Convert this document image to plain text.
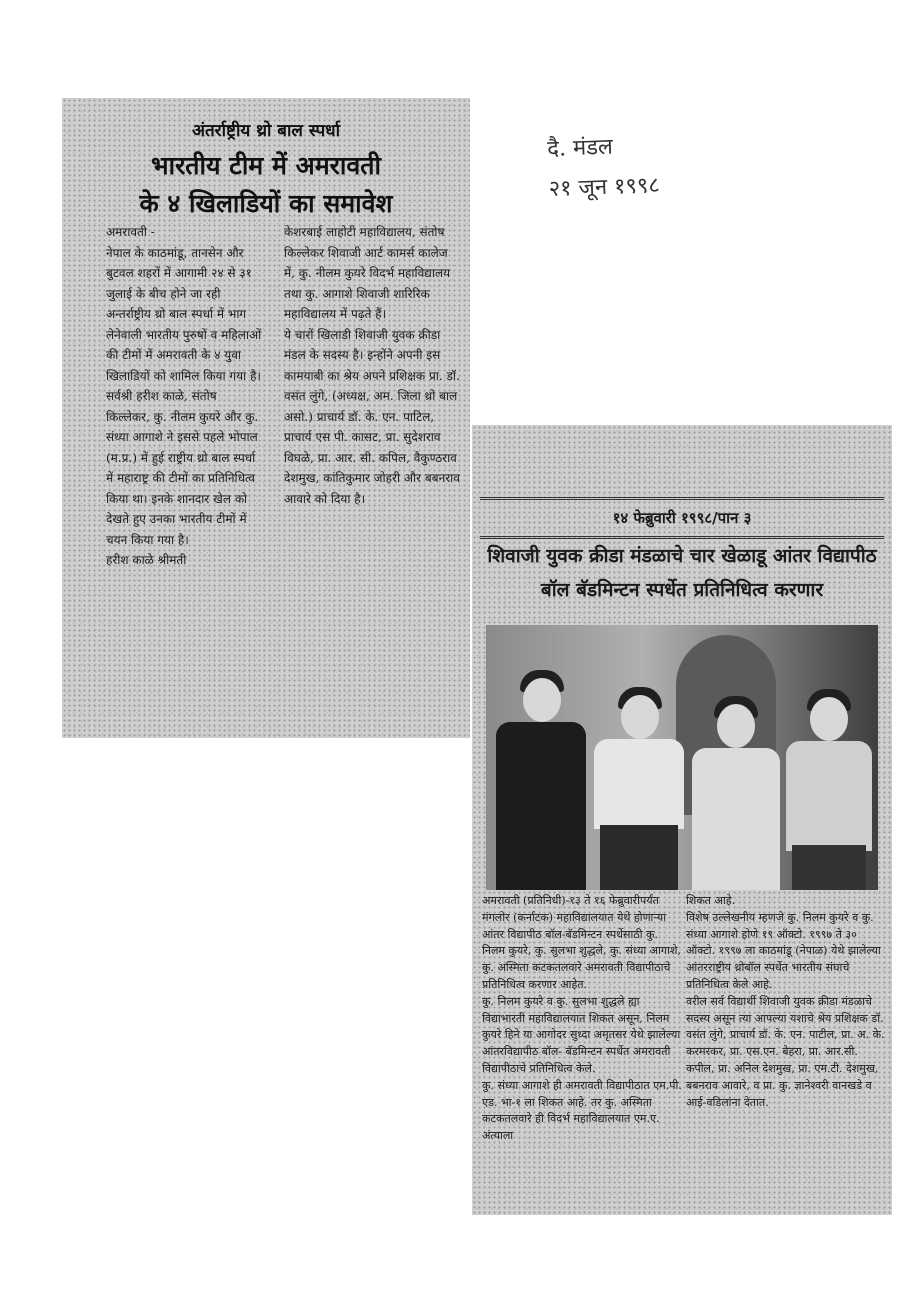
दै. मंडल
२१ जून १९९८
अंतर्राष्ट्रीय थ्रो बाल स्पर्धा
भारतीय टीम में अमरावती
के ४ खिलाडियों का समावेश

अमरावती -

नेपाल के काठमांडू, तानसेन और बुटवल शहरों में आगामी २४ से ३१ जुलाई के बीच होने जा रही अन्तर्राष्ट्रीय थ्रो बाल स्पर्धा में भाग लेनेवाली भारतीय पुरुषों व महिलाओं की टीमों में अमरावती के ४ युवा खिलाडियों को शामिल किया गया है।

सर्वश्री हरीश काळे, संतोष किल्लेकर, कु. नीलम कुयरे और कु. संध्या आगाशे ने इससे पहले भोपाल (म.प्र.) में हुई राष्ट्रीय थ्रो बाल स्पर्धा में महाराष्ट्र की टीमों का प्रतिनिधित्व किया था। इनके शानदार खेल को देखते हुए उनका भारतीय टीमों में चयन किया गया है।

हरीश काळे श्रीमती

केशरबाई लाहोटी महाविद्यालय, संतोष किल्लेकर शिवाजी आर्ट कामर्स कालेज में, कु. नीलम कुयरे विदर्भ महाविद्यालय तथा कु. आगाशे शिवाजी शारिरिक महाविद्यालय में पढ़ते हैं।

ये चारों खिलाडी शिवाजी युवक क्रीडा मंडल के सदस्य है। इन्होंने अपनी इस कामयाबी का श्रेय अपने प्रशिक्षक प्रा. डॉ. वसंत लुंगे, (अध्यक्ष, अम. जिला थ्रो बाल असो.) प्राचार्य डॉ. के. एन. पाटिल, प्राचार्य एस पी. कासट, प्रा. सुदेशराव विघळे, प्रा. आर. सी. कपिल, वैकुण्ठराव देशमुख, कांतिकुमार जोहरी और बबनराव आवारे को दिया है।

१४ फेब्रुवारी १९९८/पान ३
शिवाजी युवक क्रीडा मंडळाचे चार खेळाडू आंतर विद्यापीठ
बॉल बॅडमिन्टन स्पर्धेत प्रतिनिधित्व करणार

अमरावती (प्रतिनिधी)-१३ ते १६ फेब्रुवारीपर्यंत मंगलोर (कर्नाटक) महाविद्यालयात येथे होणाऱ्या आंतर विद्यापीठ बॉल-बॅडमिन्टन स्पर्धेसाठी कु. निलम कुयरे, कु. सुलभा शुद्धले, कु. संध्या आगाशे, कु. अस्मिता कटकतलवारे अमरावती विद्यापीठाचे प्रतिनिधित्व करणार आहेत.

कु. निलम कुयरे व कु. सुलभा शुद्धले ह्या विद्याभारती महाविद्यालयात शिकत असून, निलम कुयरे हिने या आगोदर सुध्दा अमृतसर येथे झालेल्या आंतरविद्यापीठ बॉल- बॅडमिन्टन स्पर्धेत अमरावती विद्यापीठाचे प्रतिनिधित्व केले.

कु. संध्या आगाशे ही अमरावती विद्यापीठात एम.पी. एड. भा-१ ला शिकत आहे. तर कु. अस्मिता कटकतलवारे ही विदर्भ महाविद्यालयात एम.ए. अंत्याला

शिकत आहे.

विशेष उल्लेखनीय म्हणजे कु. निलम कुयरे व कु. संध्या आगाशे होणे १९ ऑक्टो. १९९७ ते ३० ऑक्टो. १९९७ ला काठमांडू (नेपाळ) येथे झालेल्या आंतरराष्ट्रीय थ्रोबॉल स्पर्धेत भारतीय संघाचे प्रतिनिधित्व केले आहे.

वरील सर्व विद्यार्थी शिवाजी युवक क्रीडा मंडळाचे सदस्य असून त्या आपल्या यशाचे श्रेय प्रशिक्षक डॉ. वसंत लुंगे, प्राचार्य डॉ. के. एन. पाटील, प्रा. अ. के. करमरकर, प्रा. एस.एन. बेहरा, प्रा. आर.सी. कपील, प्रा. अनिल देशमुख, प्रा. एम.टी. देशमुख, बबनराव आवारे, व प्रा. कु. ज्ञानेश्वरी वानखडे व आई-वडिलांना देतात.
